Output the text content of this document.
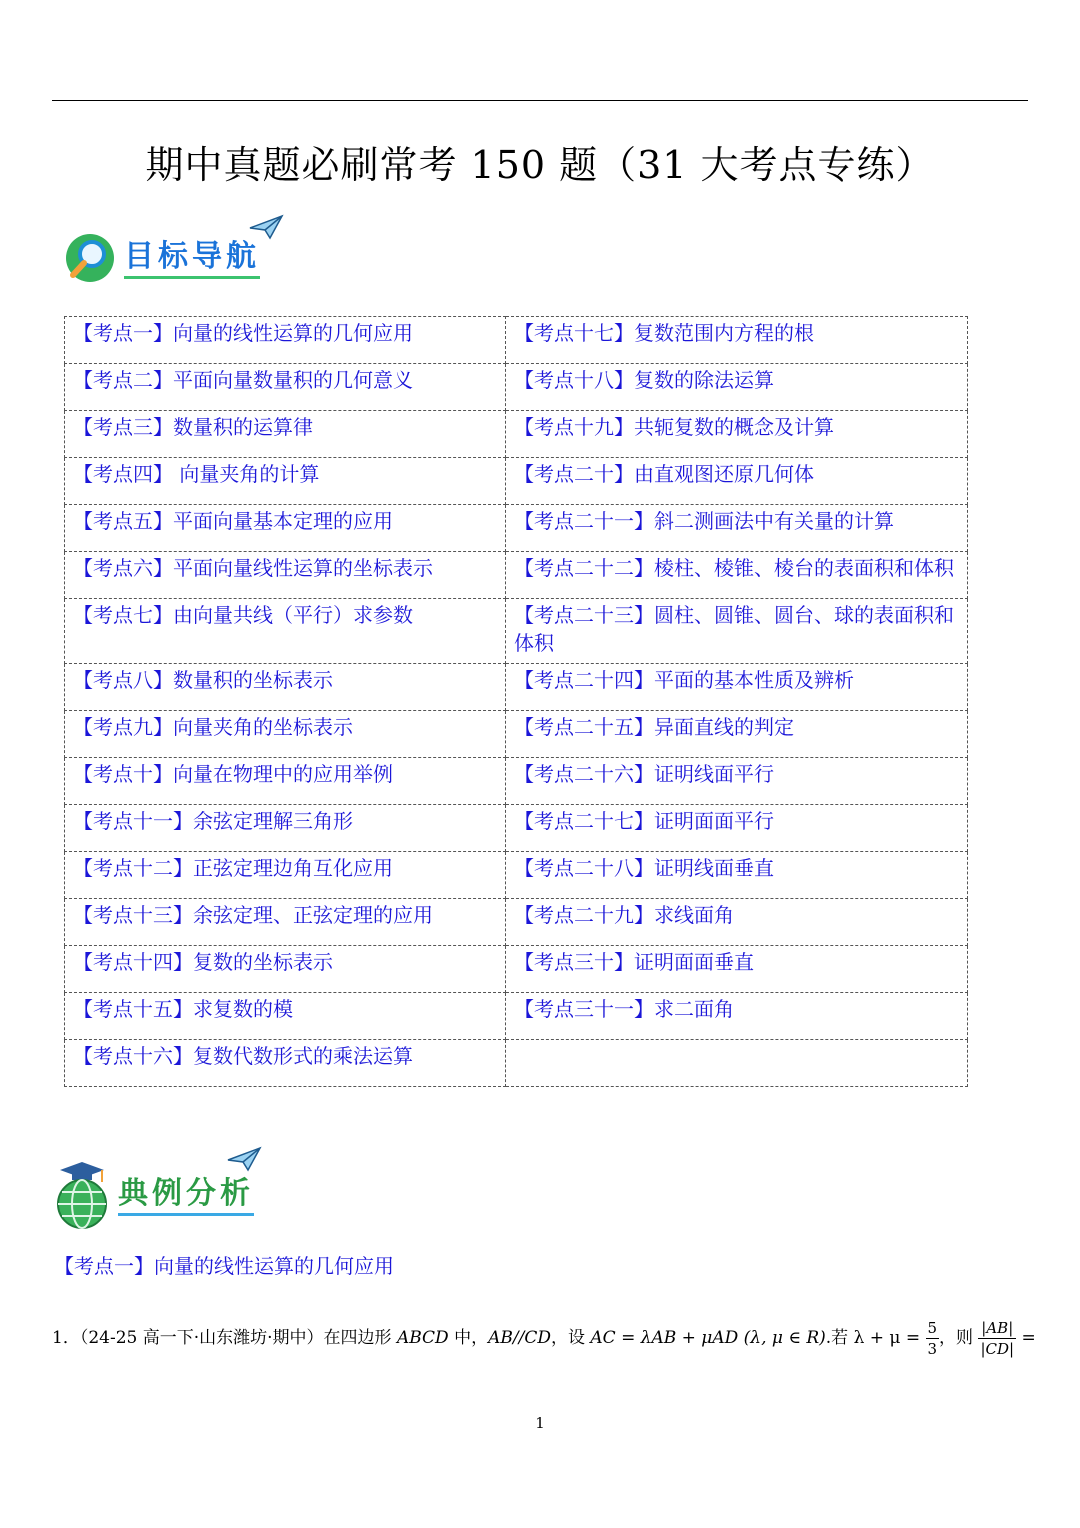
期中真题必刷常考 150 题（31 大考点专练）
目标导航
【考点一】向量的线性运算的几何应用	【考点十七】复数范围内方程的根
【考点二】平面向量数量积的几何意义	【考点十八】复数的除法运算
【考点三】数量积的运算律	【考点十九】共轭复数的概念及计算
【考点四】 向量夹角的计算	【考点二十】由直观图还原几何体
【考点五】平面向量基本定理的应用	【考点二十一】斜二测画法中有关量的计算
【考点六】平面向量线性运算的坐标表示	【考点二十二】棱柱、棱锥、棱台的表面积和体积
【考点七】由向量共线（平行）求参数	【考点二十三】圆柱、圆锥、圆台、球的表面积和体积
【考点八】数量积的坐标表示	【考点二十四】平面的基本性质及辨析
【考点九】向量夹角的坐标表示	【考点二十五】异面直线的判定
【考点十】向量在物理中的应用举例	【考点二十六】证明线面平行
【考点十一】余弦定理解三角形	【考点二十七】证明面面平行
【考点十二】正弦定理边角互化应用	【考点二十八】证明线面垂直
【考点十三】余弦定理、正弦定理的应用	【考点二十九】求线面角
【考点十四】复数的坐标表示	【考点三十】证明面面垂直
【考点十五】求复数的模	【考点三十一】求二面角
【考点十六】复数代数形式的乘法运算	
典例分析
【考点一】向量的线性运算的几何应用
1．（24-25 高一下·山东潍坊·期中）在四边形 ABCD 中，AB//CD，设 AC = λAB + μAD (λ, μ ∈ R).若 $\lambda + \mu = \frac{5}{3}$ ，则 $\frac{|AB|}{|CD|}$ =
1
